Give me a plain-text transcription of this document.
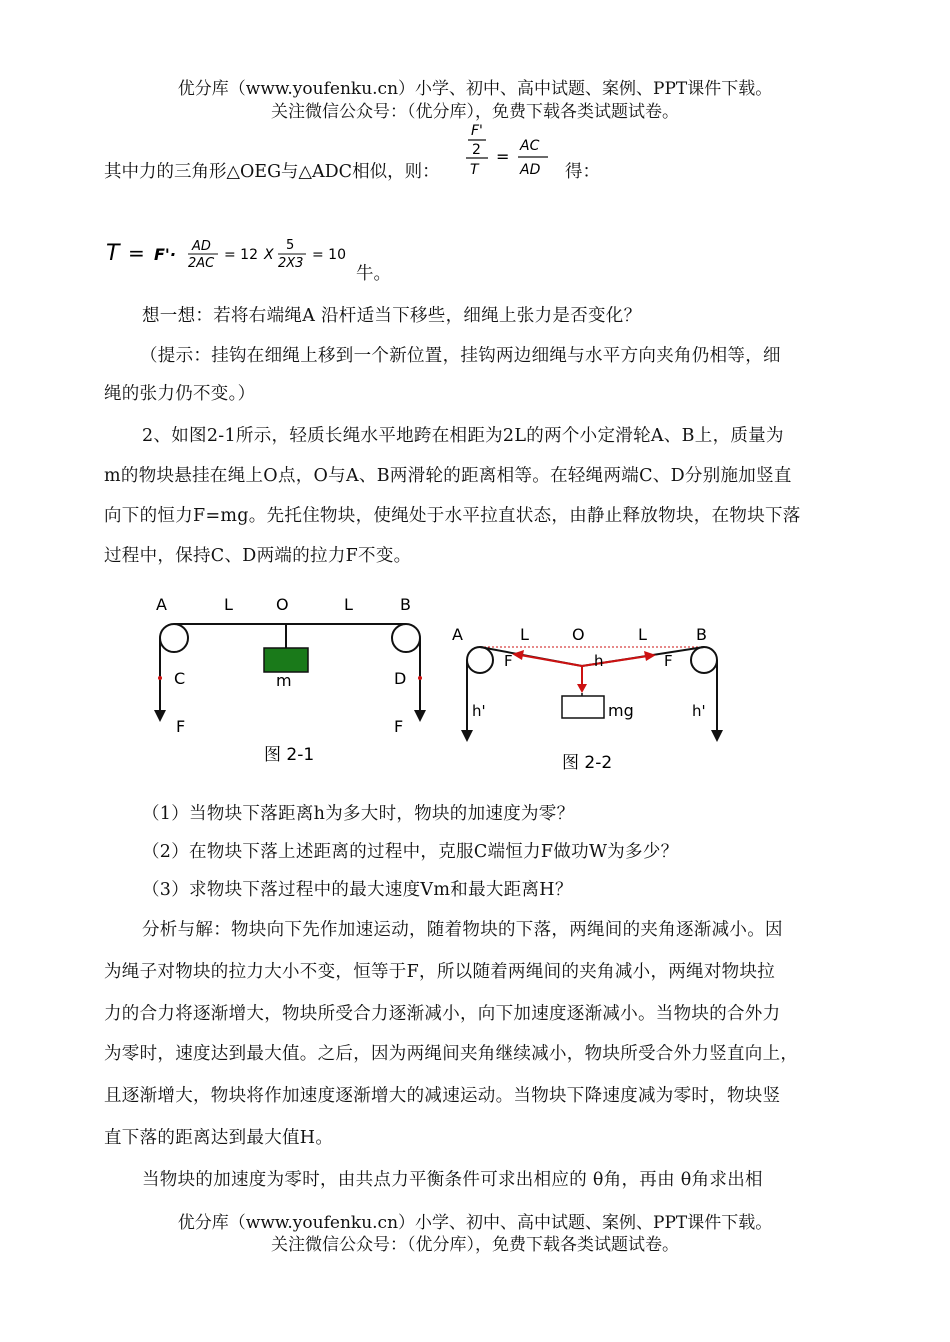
优分库（www.youfenku.cn）小学、初中、高中试题、案例、PPT课件下载。
关注微信公众号：（优分库），免费下载各类试题试卷。
其中力的三角形△OEG与△ADC相似，则：
F'
2
T
=
AC
AD 得：
T = F'· AD
2AC
= 12 X
5
2X3
= 10
牛。
想一想：若将右端绳A 沿杆适当下移些，细绳上张力是否变化？
（提示：挂钩在细绳上移到一个新位置，挂钩两边细绳与水平方向夹角仍相等，细
绳的张力仍不变。）
2、如图2-1所示，轻质长绳水平地跨在相距为2L的两个小定滑轮A、B上，质量为
m的物块悬挂在绳上O点，O与A、B两滑轮的距离相等。在轻绳两端C、D分别施加竖直
向下的恒力F=mg。先托住物块，使绳处于水平拉直状态，由静止释放物块，在物块下落
过程中，保持C、D两端的拉力F不变。
A	L	O	L	B
m
C	D
F	F
图 2-1
A	L	O	L	B
mg
F	F
h
h'	h'
图 2-2
（1）当物块下落距离h为多大时，物块的加速度为零？
（2）在物块下落上述距离的过程中，克服C端恒力F做功W为多少？
（3）求物块下落过程中的最大速度Vm和最大距离H？
分析与解：物块向下先作加速运动，随着物块的下落，两绳间的夹角逐渐减小。因
为绳子对物块的拉力大小不变，恒等于F，所以随着两绳间的夹角减小，两绳对物块拉
力的合力将逐渐增大，物块所受合力逐渐减小，向下加速度逐渐减小。当物块的合外力
为零时，速度达到最大值。之后，因为两绳间夹角继续减小，物块所受合外力竖直向上，
且逐渐增大，物块将作加速度逐渐增大的减速运动。当物块下降速度减为零时，物块竖
直下落的距离达到最大值H。
当物块的加速度为零时，由共点力平衡条件可求出相应的 θ角，再由 θ角求出相
优分库（www.youfenku.cn）小学、初中、高中试题、案例、PPT课件下载。
关注微信公众号：（优分库），免费下载各类试题试卷。
